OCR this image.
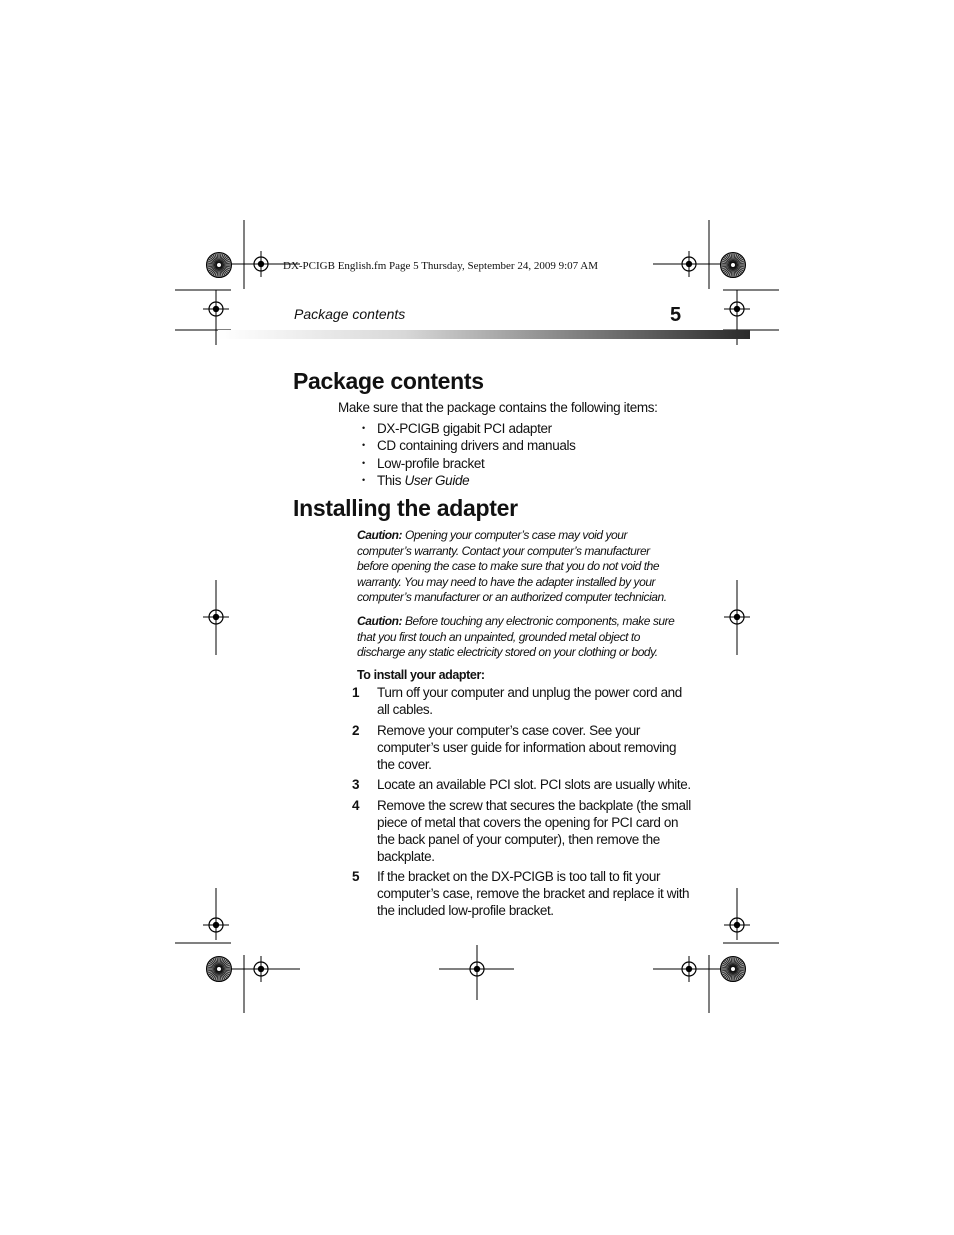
DX-PCIGB English.fm Page 5 Thursday, September 24, 2009 9:07 AM
Package contents	5
Package contents
Make sure that the package contains the following items:
• DX-PCIGB gigabit PCI adapter
• CD containing drivers and manuals
• Low-profile bracket
• This User Guide
Installing the adapter
Caution: Opening your computer’s case may void your computer’s warranty. Contact your computer’s manufacturer before opening the case to make sure that you do not void the warranty. You may need to have the adapter installed by your computer’s manufacturer or an authorized computer technician.
Caution: Before touching any electronic components, make sure that you first touch an unpainted, grounded metal object to discharge any static electricity stored on your clothing or body.
To install your adapter:
1 Turn off your computer and unplug the power cord and all cables.
2 Remove your computer’s case cover. See your computer’s user guide for information about removing the cover.
3 Locate an available PCI slot. PCI slots are usually white.
4 Remove the screw that secures the backplate (the small piece of metal that covers the opening for PCI card on the back panel of your computer), then remove the backplate.
5 If the bracket on the DX-PCIGB is too tall to fit your computer’s case, remove the bracket and replace it with the included low-profile bracket.
